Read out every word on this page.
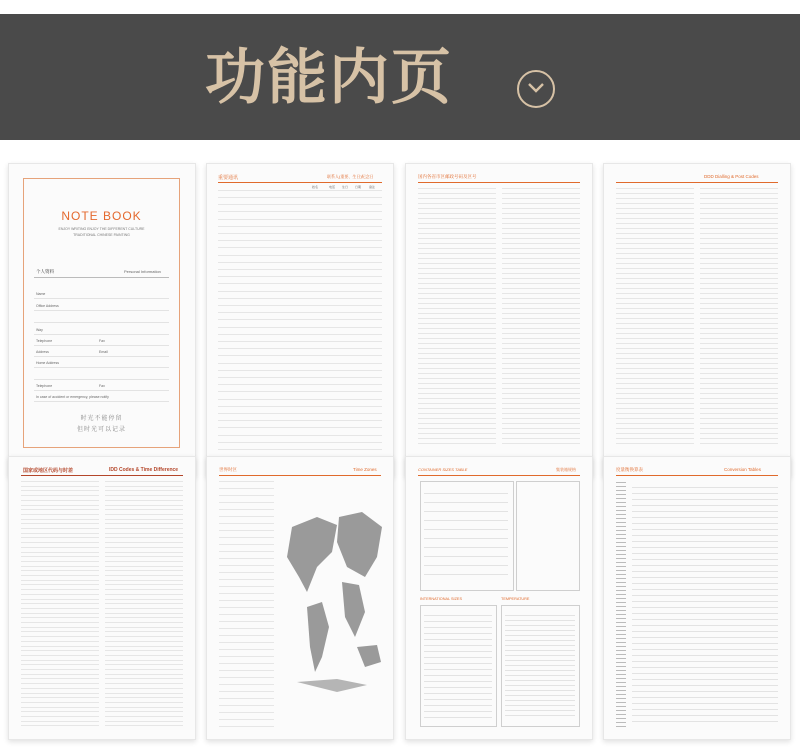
功能内页
NOTE BOOK
ENJOY WRITING ENJOY THE DIFFERENT CULTURE
TRADITIONAL CHINESE PAINTING
个人资料	Personal Information
Name
Office Address
Way
Telephone	Fax
Address	Email
Home Address
Telephone	Fax
In case of accident or emergency, please notify
时光不能停留
但时光可以记录
重要通讯	联系人(重要、生日)纪念日
姓名	电话 生日 日期	备注
国内各省市区邮政号码及区号	DDD Dialling & Post Codes
国家或地区代码与时差	IDD Codes & Time Difference	世界时区	Time Zones	CONTAINER SIZES TABLE	集装箱规格
INTERNATIONAL SIZES	TEMPERATURE
度量衡换算表	Conversion Tables
